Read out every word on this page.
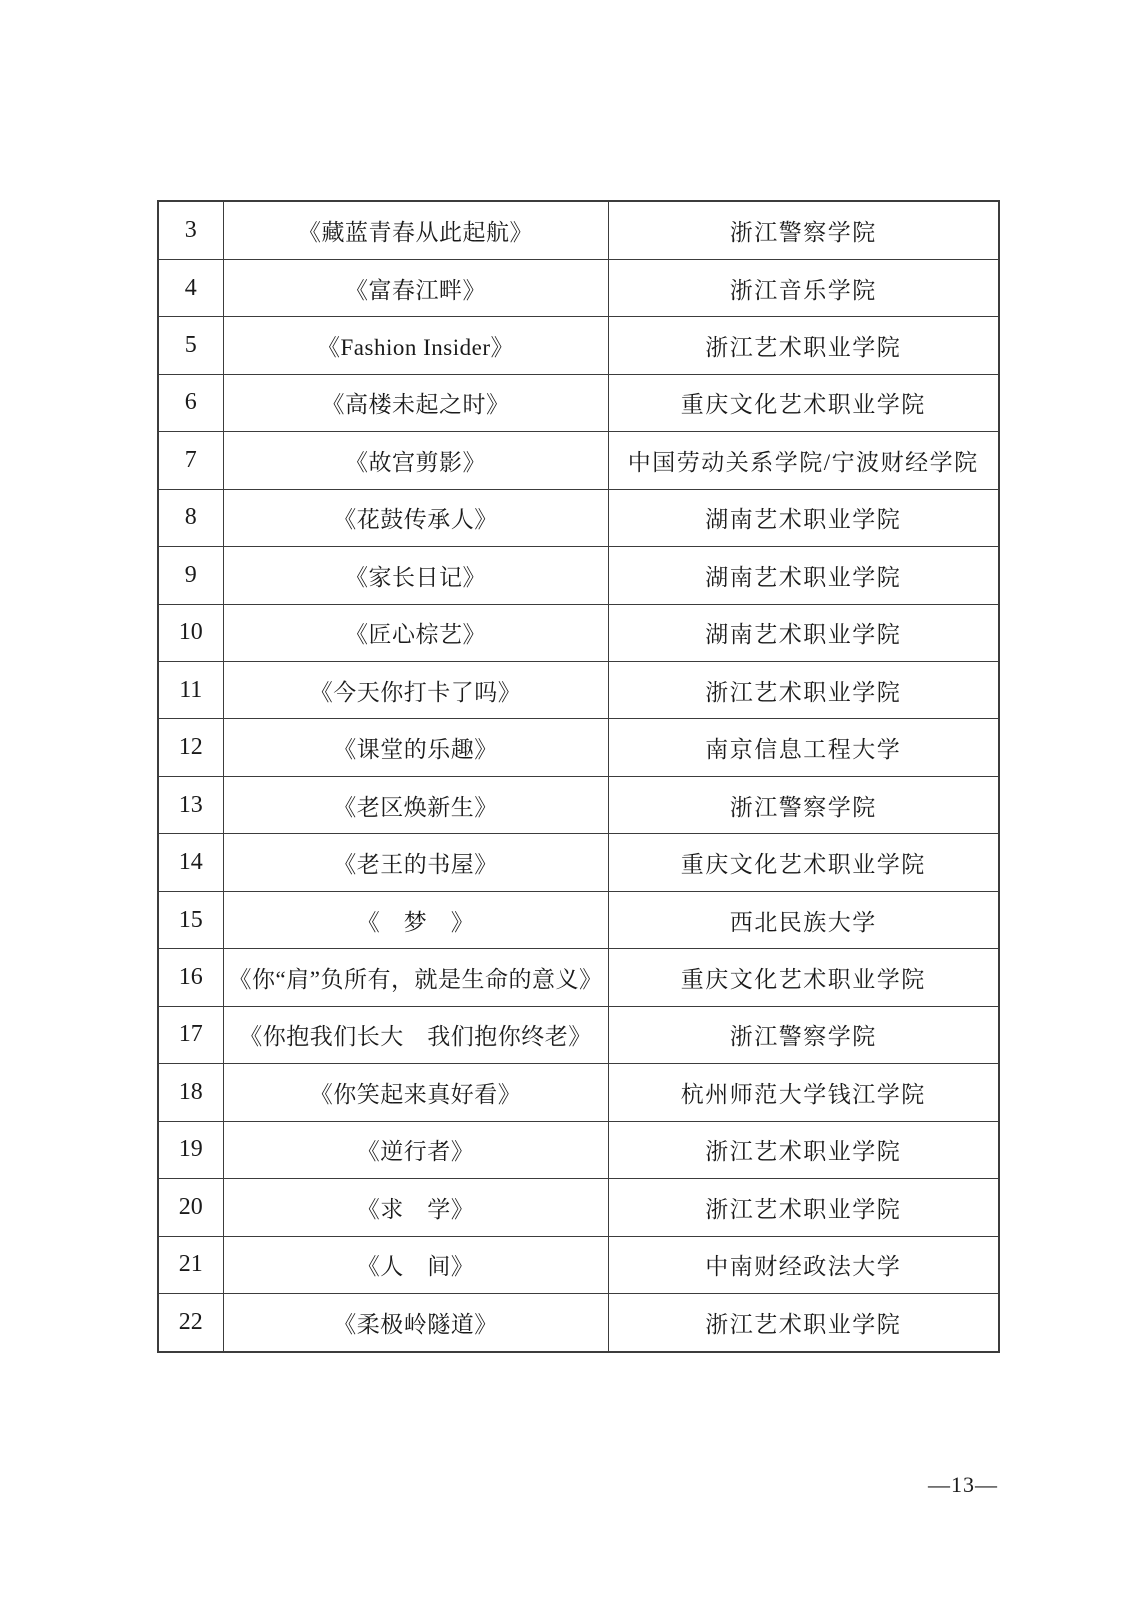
3	《藏蓝青春从此起航》	浙江警察学院
4	《富春江畔》	浙江音乐学院
5	《Fashion Insider》	浙江艺术职业学院
6	《高楼未起之时》	重庆文化艺术职业学院
7	《故宫剪影》	中国劳动关系学院/宁波财经学院
8	《花鼓传承人》	湖南艺术职业学院
9	《家长日记》	湖南艺术职业学院
10	《匠心棕艺》	湖南艺术职业学院
11	《今天你打卡了吗》	浙江艺术职业学院
12	《课堂的乐趣》	南京信息工程大学
13	《老区焕新生》	浙江警察学院
14	《老王的书屋》	重庆文化艺术职业学院
15	《　梦　》	西北民族大学
16	《你“肩”负所有，就是生命的意义》	重庆文化艺术职业学院
17	《你抱我们长大　我们抱你终老》	浙江警察学院
18	《你笑起来真好看》	杭州师范大学钱江学院
19	《逆行者》	浙江艺术职业学院
20	《求　学》	浙江艺术职业学院
21	《人　间》	中南财经政法大学
22	《柔极岭隧道》	浙江艺术职业学院
—13—
